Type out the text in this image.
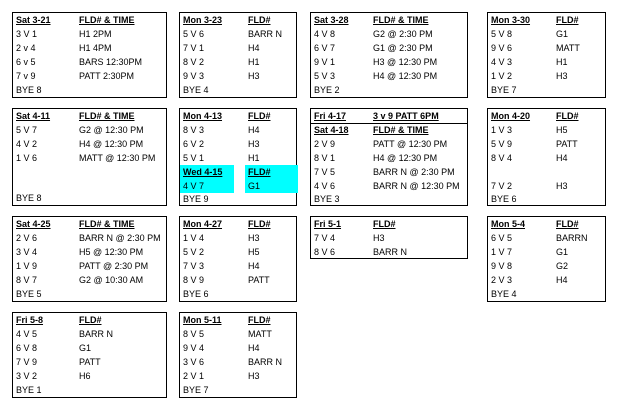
Sat 3-21	FLD# & TIME
3 V 1	H1 2PM
2 v 4	H1 4PM
6 v 5	BARS 12:30PM
7 v 9	PATT 2:30PM
BYE 8
Mon 3-23	FLD#
5 V 6	BARR N
7 V 1	H4
8 V 2	H1
9 V 3	H3
BYE 4
Sat 3-28	FLD# & TIME
4 V 8	G2 @ 2:30 PM
6 V 7	G1 @ 2:30 PM
9 V 1	H3 @ 12:30 PM
5 V 3	H4 @ 12:30 PM
BYE 2
Mon 3-30	FLD#
5 V 8	G1
9 V 6	MATT
4 V 3	H1
1 V 2	H3
BYE 7
Sat 4-11	FLD# & TIME
5 V 7	G2 @ 12:30 PM
4 V 2	H4 @ 12:30 PM
1 V 6	MATT @ 12:30 PM
BYE 8
Mon 4-13	FLD#
8 V 3	H4
6 V 2	H3
5 V 1	H1
Wed 4-15	FLD#
4 V 7	G1
BYE 9
Fri 4-17	3 v 9 PATT 6PM
Sat 4-18	FLD# & TIME
2 V 9	PATT @ 12:30 PM
8 V 1	H4 @ 12:30 PM
7 V 5	BARR N @ 2:30 PM
4 V 6	BARR N @ 12:30 PM
BYE 3
Mon 4-20	FLD#
1 V 3	H5
5 V 9	PATT
8 V 4	H4
7 V 2	H3
BYE 6
Sat 4-25	FLD# & TIME
2 V 6	BARR N @ 2:30 PM
3 V 4	H5 @ 12:30 PM
1 V 9	PATT @ 2:30 PM
8 V 7	G2 @ 10:30 AM
BYE 5
Mon 4-27	FLD#
1 V 4	H3
5 V 2	H5
7 V 3	H4
8 V 9	PATT
BYE 6
Fri 5-1	FLD#
7 V 4	H3
8 V 6	BARR N
Mon 5-4	FLD#
6 V 5	BARRN
1 V 7	G1
9 V 8	G2
2 V 3	H4
BYE 4
Fri 5-8	FLD#
4 V 5	BARR N
6 V 8	G1
7 V 9	PATT
3 V 2	H6
BYE 1
Mon 5-11	FLD#
8 V 5	MATT
9 V 4	H4
3 V 6	BARR N
2 V 1	H3
BYE 7
